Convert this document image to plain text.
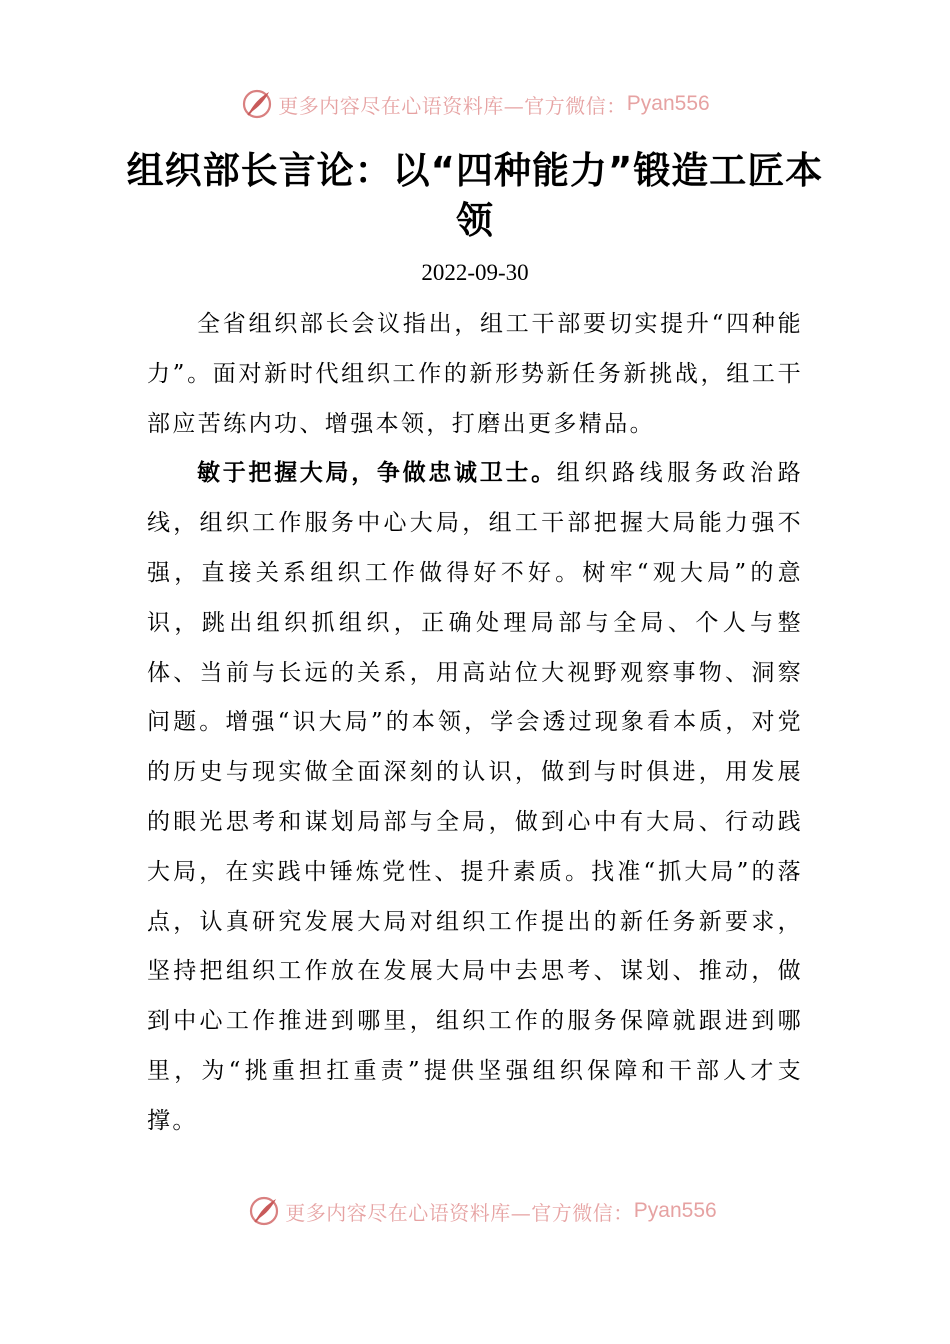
更多内容尽在心语资料库—官方微信： Pyan556
组织部长言论：以“四种能力”锻造工匠本领
2022-09-30

全省组织部长会议指出，组工干部要切实提升“四种能力”。面对新时代组织工作的新形势新任务新挑战，组工干部应苦练内功、增强本领，打磨出更多精品。

敏于把握大局，争做忠诚卫士。组织路线服务政治路线，组织工作服务中心大局，组工干部把握大局能力强不强，直接关系组织工作做得好不好。树牢“观大局”的意识，跳出组织抓组织，正确处理局部与全局、个人与整体、当前与长远的关系，用高站位大视野观察事物、洞察问题。增强“识大局”的本领，学会透过现象看本质，对党的历史与现实做全面深刻的认识，做到与时俱进，用发展的眼光思考和谋划局部与全局，做到心中有大局、行动践大局，在实践中锤炼党性、提升素质。找准“抓大局”的落点，认真研究发展大局对组织工作提出的新任务新要求，坚持把组织工作放在发展大局中去思考、谋划、推动，做到中心工作推进到哪里，组织工作的服务保障就跟进到哪里，为“挑重担扛重责”提供坚强组织保障和干部人才支撑。

更多内容尽在心语资料库—官方微信： Pyan556
